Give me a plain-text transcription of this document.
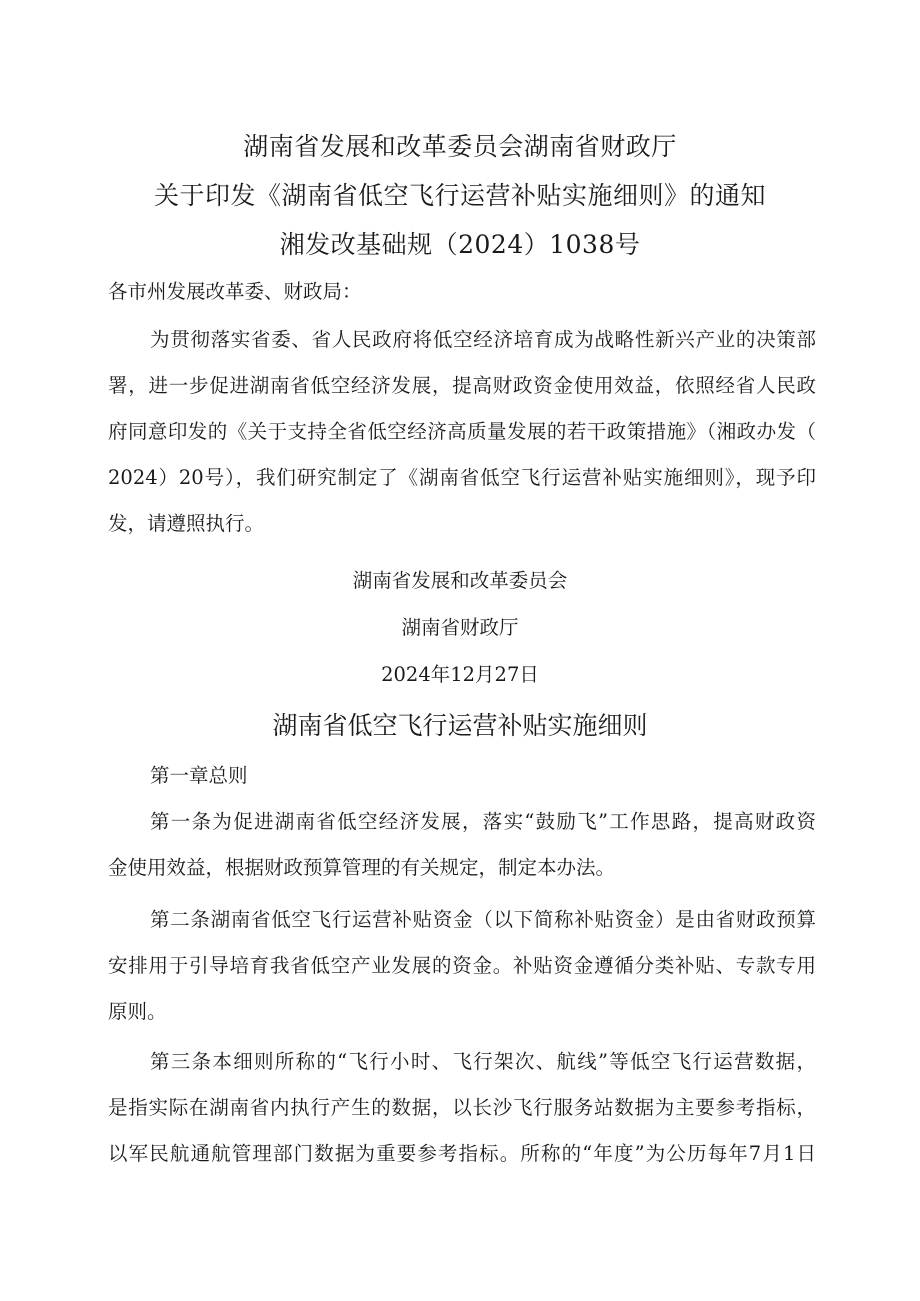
湖南省发展和改革委员会湖南省财政厅
关于印发《湖南省低空飞行运营补贴实施细则》的通知
湘发改基础规（2024）1038号
各市州发展改革委、财政局：
为贯彻落实省委、省人民政府将低空经济培育成为战略性新兴产业的决策部
署，进一步促进湖南省低空经济发展，提高财政资金使用效益，依照经省人民政
府同意印发的《关于支持全省低空经济高质量发展的若干政策措施》（湘政办发（
2024）20号），我们研究制定了《湖南省低空飞行运营补贴实施细则》，现予印
发，请遵照执行。
湖南省发展和改革委员会
湖南省财政厅
2024年12月27日
湖南省低空飞行运营补贴实施细则
第一章总则
第一条为促进湖南省低空经济发展，落实“鼓励飞”工作思路，提高财政资
金使用效益，根据财政预算管理的有关规定，制定本办法。
第二条湖南省低空飞行运营补贴资金（以下简称补贴资金）是由省财政预算
安排用于引导培育我省低空产业发展的资金。补贴资金遵循分类补贴、专款专用
原则。
第三条本细则所称的“飞行小时、飞行架次、航线”等低空飞行运营数据，
是指实际在湖南省内执行产生的数据，以长沙飞行服务站数据为主要参考指标，
以军民航通航管理部门数据为重要参考指标。所称的“年度”为公历每年7月1日
